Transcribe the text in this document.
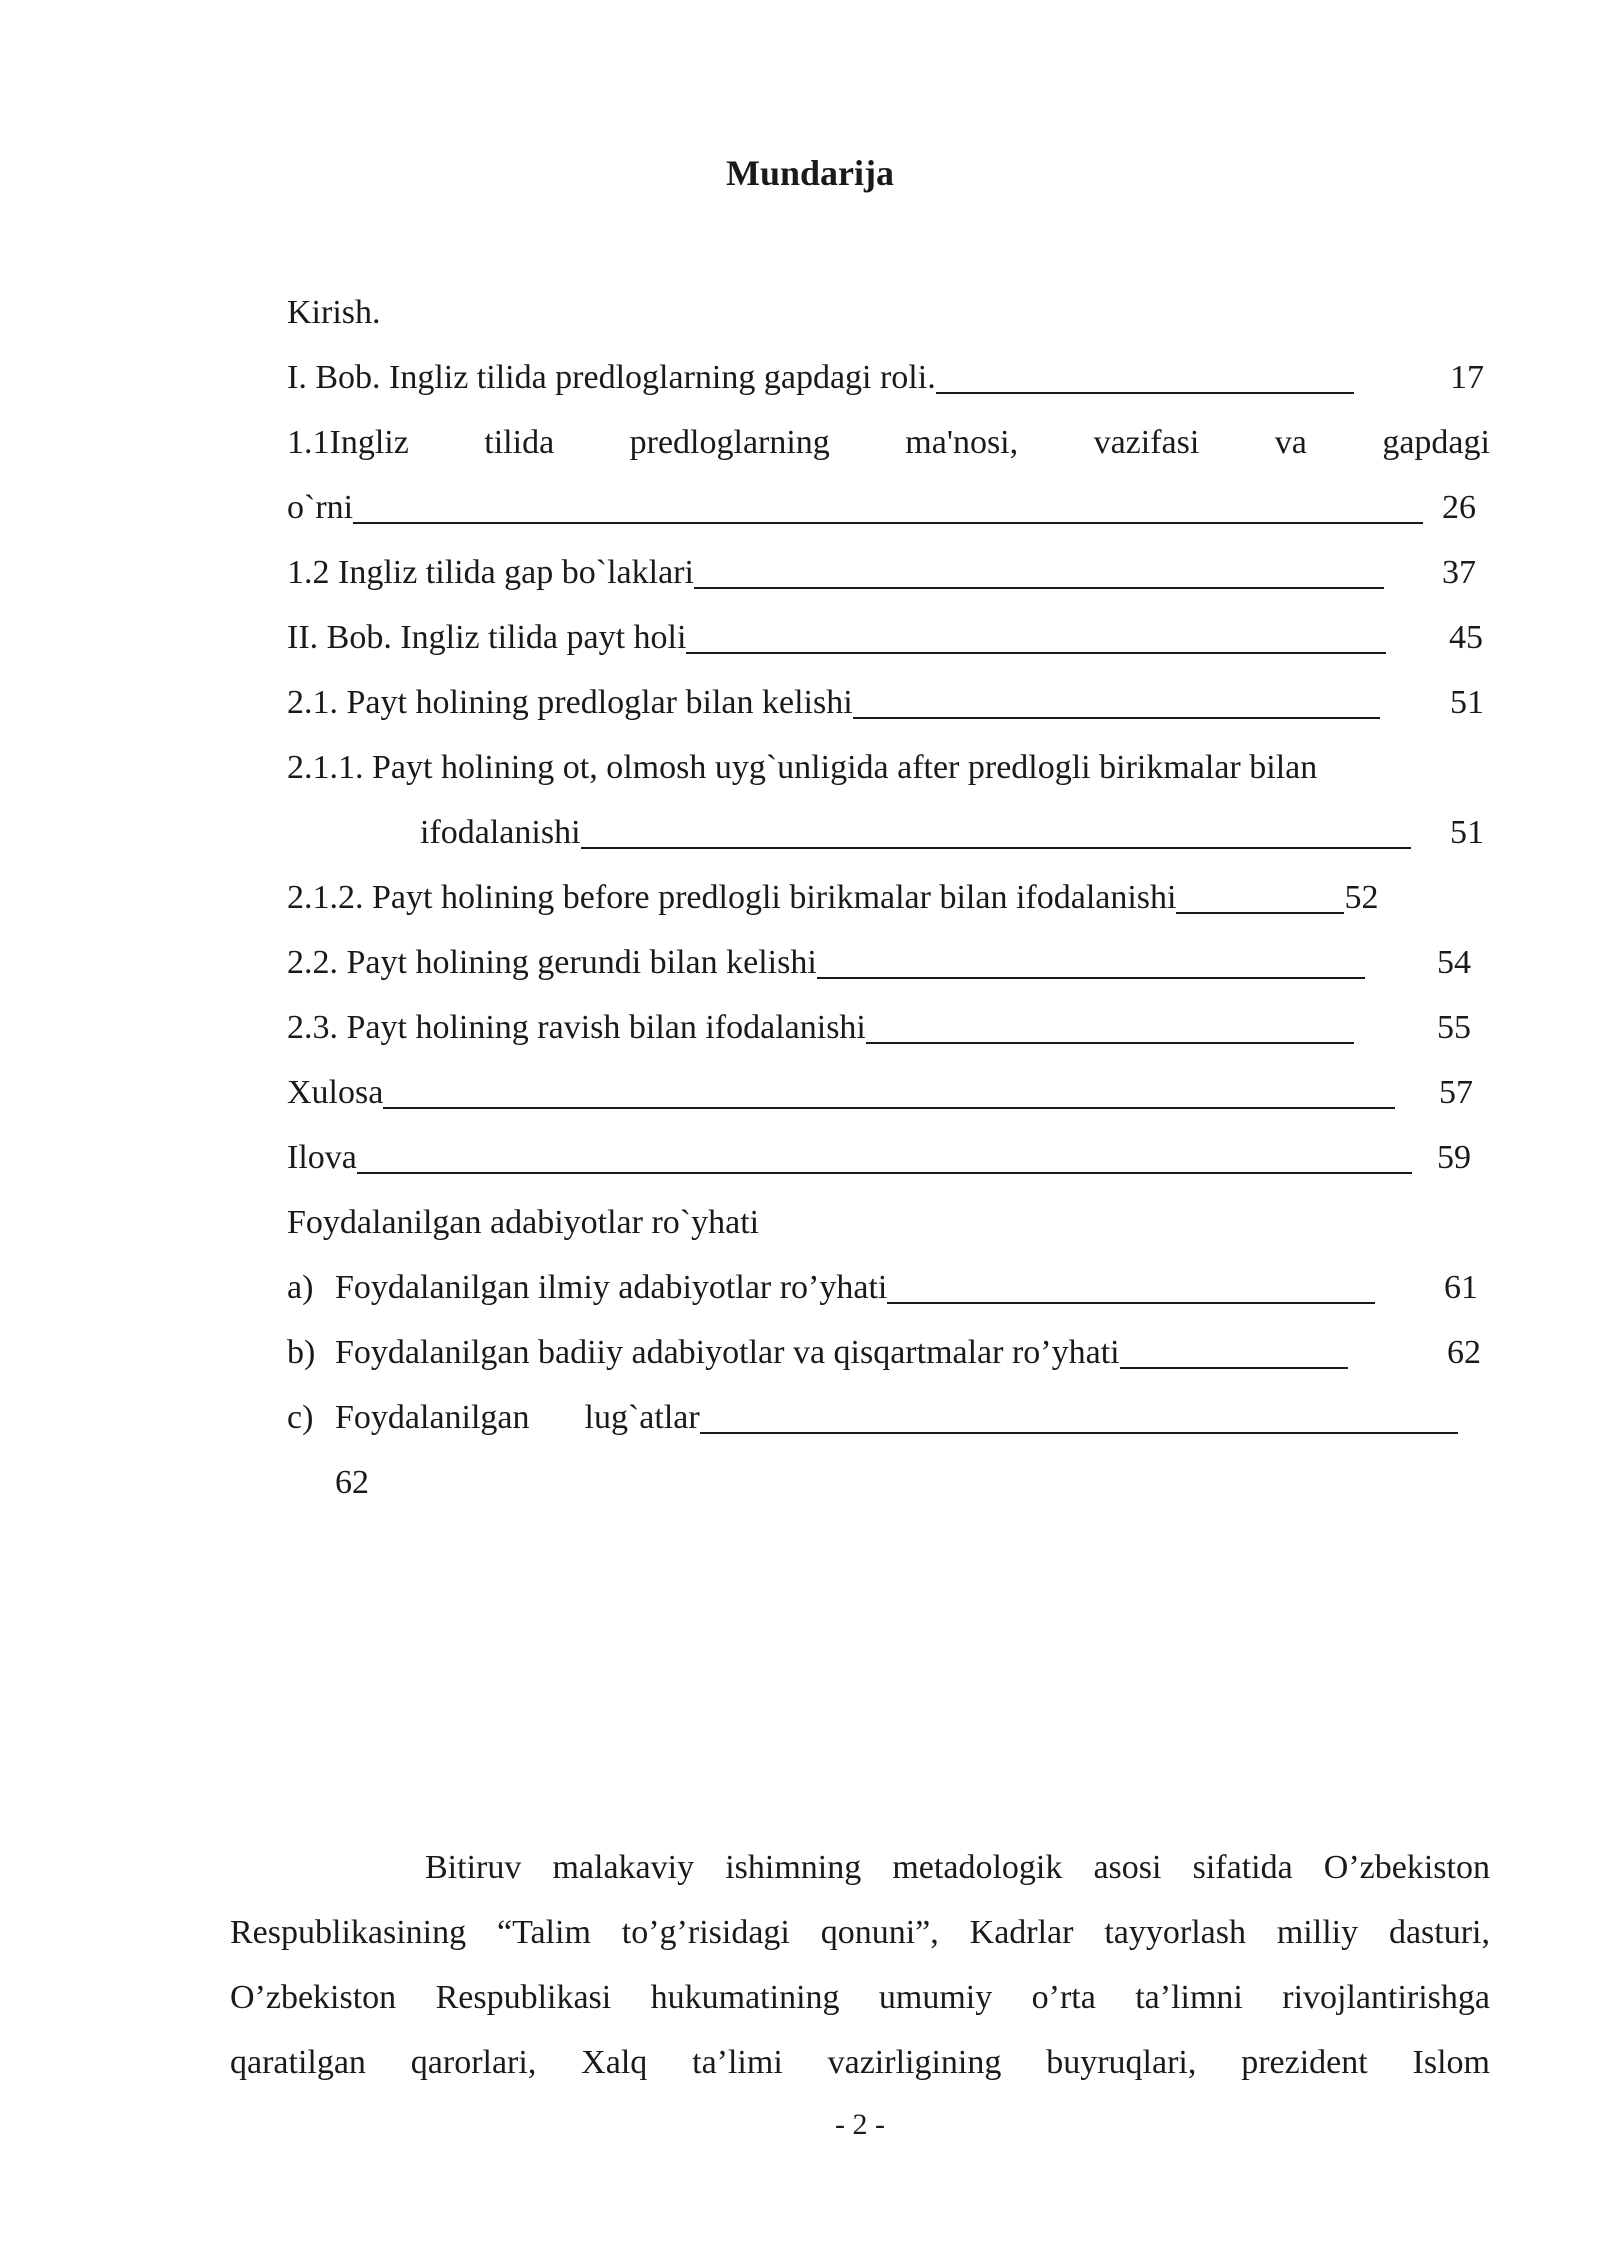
Mundarija
Kirish.
I. Bob. Ingliz tilida predloglarning gapdagi roli.	17
1.1Ingliz tilida predloglarning ma'nosi, vazifasi va gapdagi
o`rni	26
1.2 Ingliz tilida gap bo`laklari	37
II. Bob. Ingliz tilida payt holi	45
2.1. Payt holining predloglar bilan kelishi	51
2.1.1. Payt holining ot, olmosh uyg`unligida after predlogli birikmalar bilan
ifodalanishi	51
2.1.2. Payt holining before predlogli birikmalar bilan ifodalanishi	52
2.2. Payt holining gerundi bilan kelishi	54
2.3. Payt holining ravish bilan ifodalanishi	55
Xulosa	57
Ilova	59
Foydalanilgan adabiyotlar ro`yhati
a) Foydalanilgan ilmiy adabiyotlar ro’yhati	61
b) Foydalanilgan badiiy adabiyotlar va qisqartmalar ro’yhati	62
c) Foydalanilgan lug`atlar
62
Bitiruv malakaviy ishimning metadologik asosi sifatida O’zbekiston
Respublikasining “Talim to’g’risidagi qonuni”, Kadrlar tayyorlash milliy dasturi,
O’zbekiston Respublikasi hukumatining umumiy o’rta ta’limni rivojlantirishga
qaratilgan qarorlari, Xalq ta’limi vazirligining buyruqlari, prezident Islom
- 2 -
